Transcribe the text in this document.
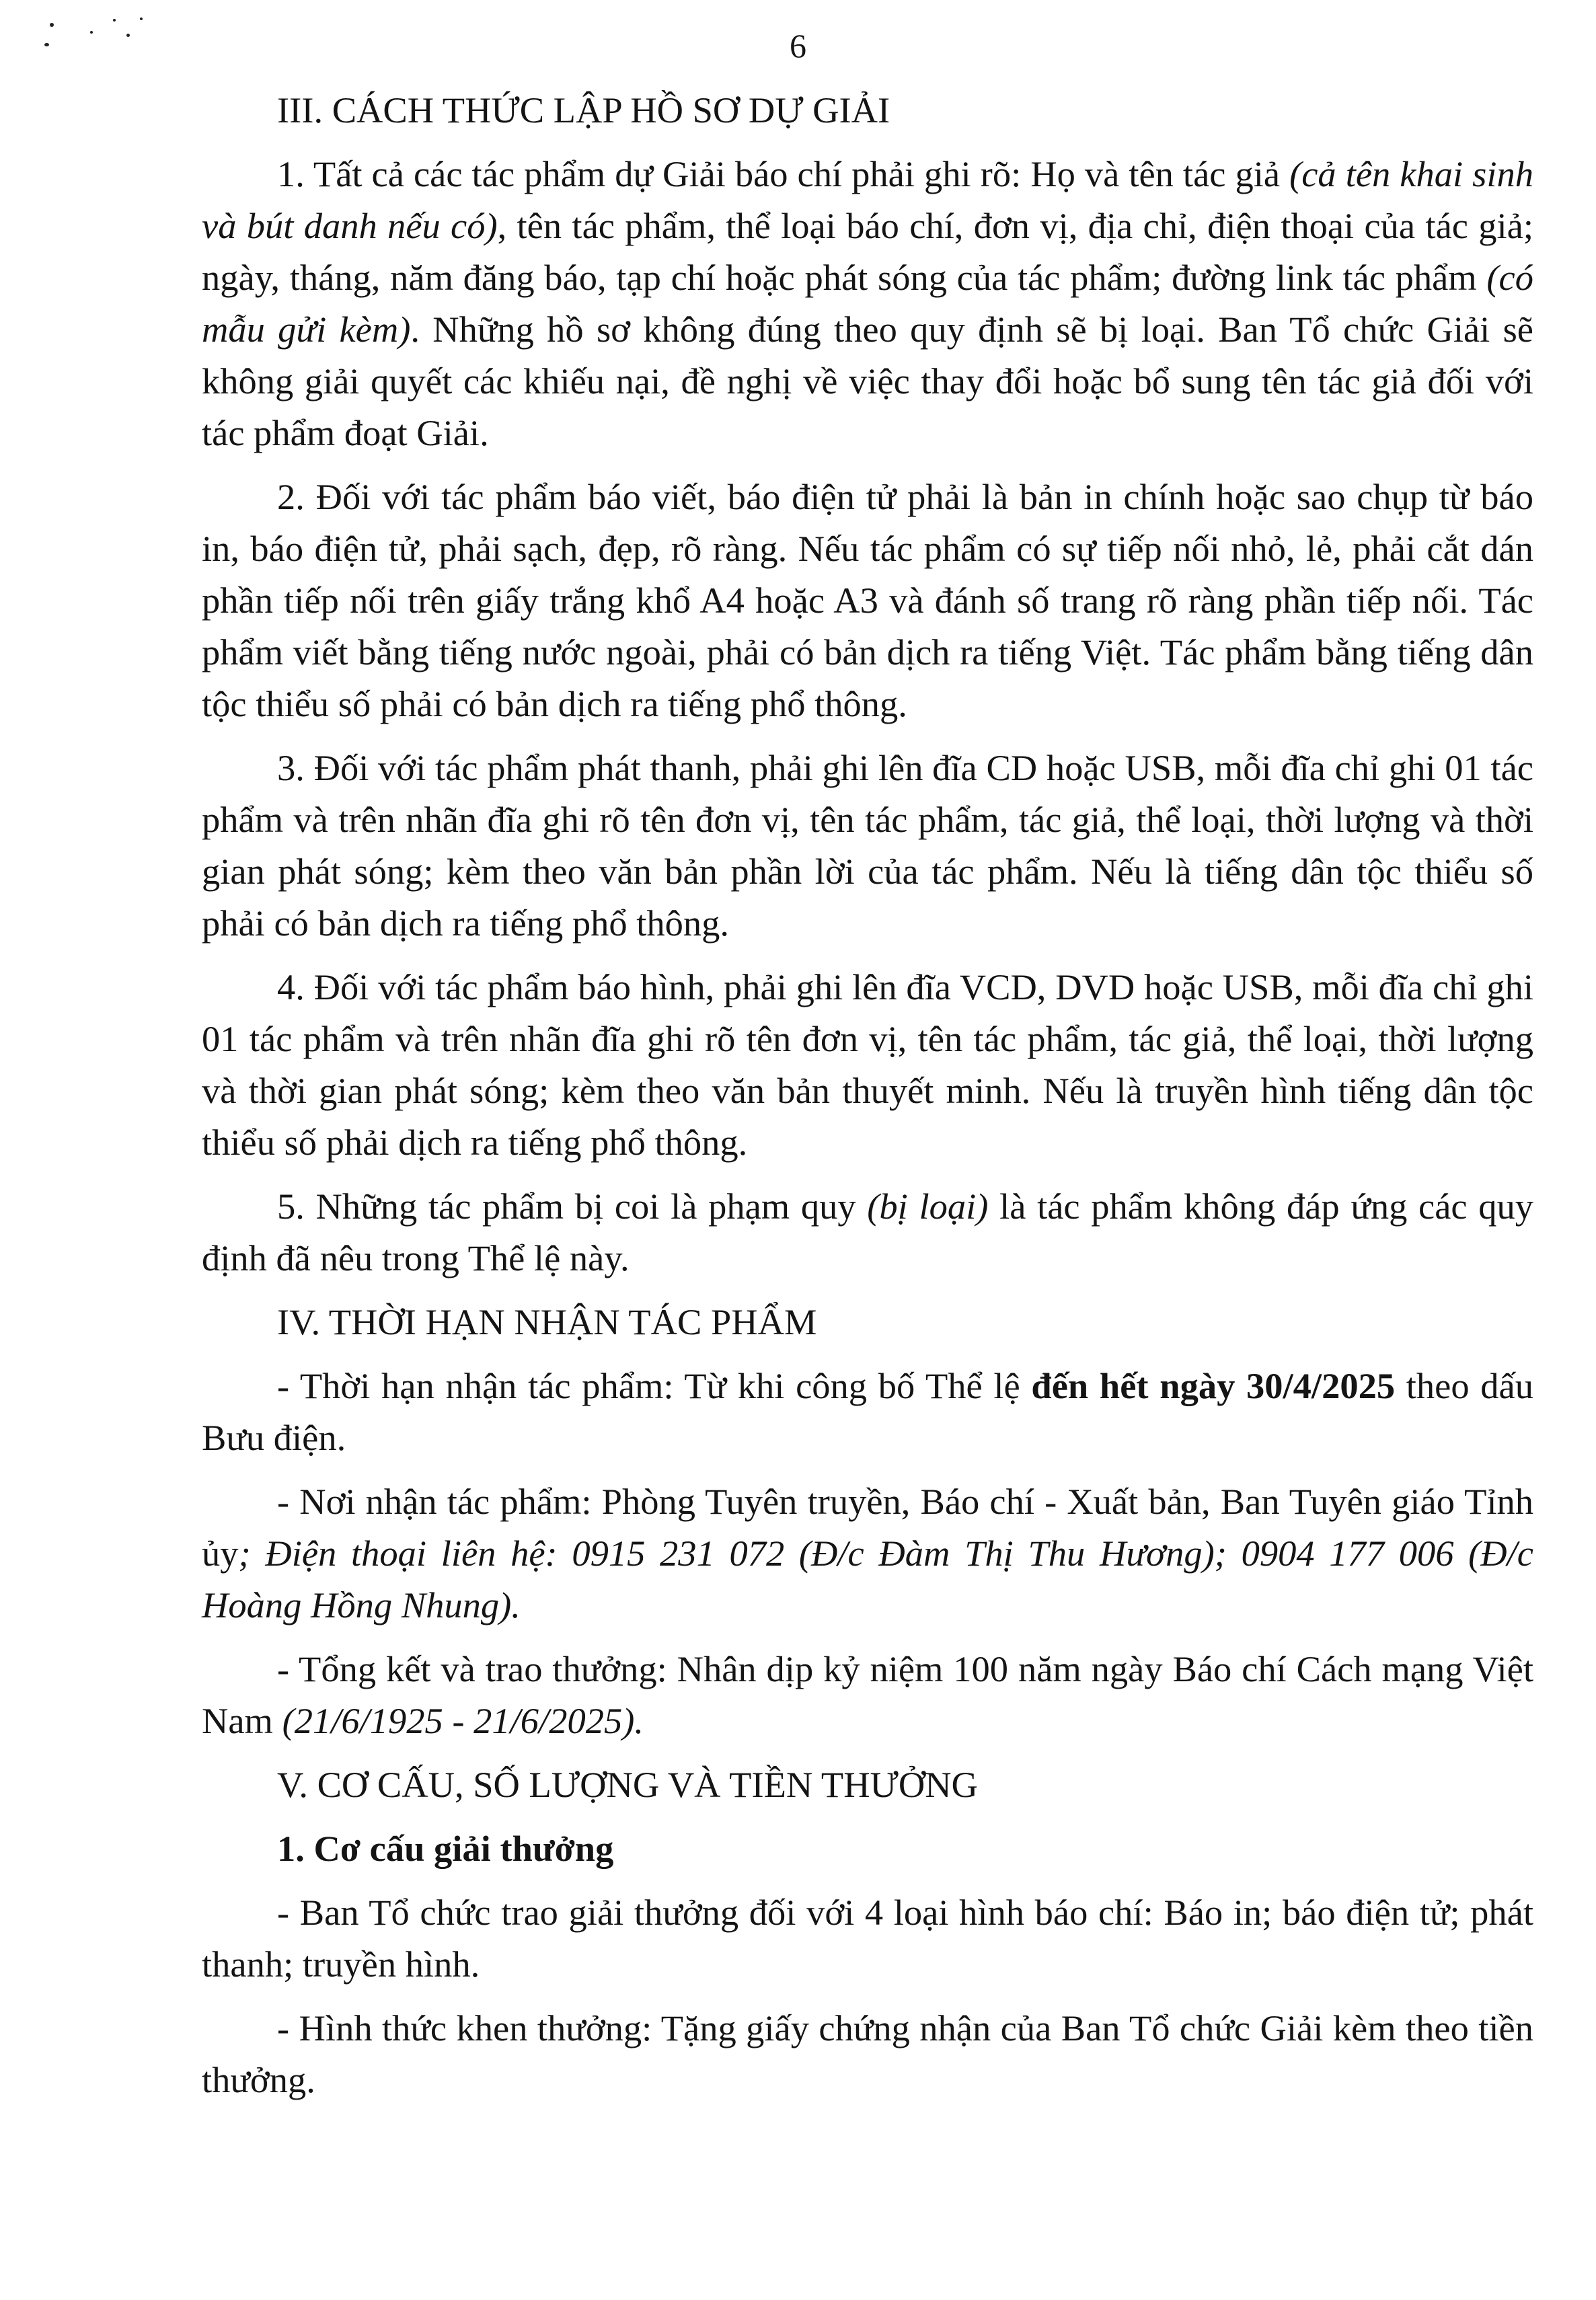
6

III. CÁCH THỨC LẬP HỒ SƠ DỰ GIẢI

1. Tất cả các tác phẩm dự Giải báo chí phải ghi rõ: Họ và tên tác giả (cả tên khai sinh và bút danh nếu có), tên tác phẩm, thể loại báo chí, đơn vị, địa chỉ, điện thoại của tác giả; ngày, tháng, năm đăng báo, tạp chí hoặc phát sóng của tác phẩm; đường link tác phẩm (có mẫu gửi kèm). Những hồ sơ không đúng theo quy định sẽ bị loại. Ban Tổ chức Giải sẽ không giải quyết các khiếu nại, đề nghị về việc thay đổi hoặc bổ sung tên tác giả đối với tác phẩm đoạt Giải.

2. Đối với tác phẩm báo viết, báo điện tử phải là bản in chính hoặc sao chụp từ báo in, báo điện tử, phải sạch, đẹp, rõ ràng. Nếu tác phẩm có sự tiếp nối nhỏ, lẻ, phải cắt dán phần tiếp nối trên giấy trắng khổ A4 hoặc A3 và đánh số trang rõ ràng phần tiếp nối. Tác phẩm viết bằng tiếng nước ngoài, phải có bản dịch ra tiếng Việt. Tác phẩm bằng tiếng dân tộc thiểu số phải có bản dịch ra tiếng phổ thông.

3. Đối với tác phẩm phát thanh, phải ghi lên đĩa CD hoặc USB, mỗi đĩa chỉ ghi 01 tác phẩm và trên nhãn đĩa ghi rõ tên đơn vị, tên tác phẩm, tác giả, thể loại, thời lượng và thời gian phát sóng; kèm theo văn bản phần lời của tác phẩm. Nếu là tiếng dân tộc thiểu số phải có bản dịch ra tiếng phổ thông.

4. Đối với tác phẩm báo hình, phải ghi lên đĩa VCD, DVD hoặc USB, mỗi đĩa chỉ ghi 01 tác phẩm và trên nhãn đĩa ghi rõ tên đơn vị, tên tác phẩm, tác giả, thể loại, thời lượng và thời gian phát sóng; kèm theo văn bản thuyết minh. Nếu là truyền hình tiếng dân tộc thiểu số phải dịch ra tiếng phổ thông.

5. Những tác phẩm bị coi là phạm quy (bị loại) là tác phẩm không đáp ứng các quy định đã nêu trong Thể lệ này.

IV. THỜI HẠN NHẬN TÁC PHẨM

- Thời hạn nhận tác phẩm: Từ khi công bố Thể lệ đến hết ngày 30/4/2025 theo dấu Bưu điện.

- Nơi nhận tác phẩm: Phòng Tuyên truyền, Báo chí - Xuất bản, Ban Tuyên giáo Tỉnh ủy; Điện thoại liên hệ: 0915 231 072 (Đ/c Đàm Thị Thu Hương); 0904 177 006 (Đ/c Hoàng Hồng Nhung).

- Tổng kết và trao thưởng: Nhân dịp kỷ niệm 100 năm ngày Báo chí Cách mạng Việt Nam (21/6/1925 - 21/6/2025).

V. CƠ CẤU, SỐ LƯỢNG VÀ TIỀN THƯỞNG

1. Cơ cấu giải thưởng

- Ban Tổ chức trao giải thưởng đối với 4 loại hình báo chí: Báo in; báo điện tử; phát thanh; truyền hình.

- Hình thức khen thưởng: Tặng giấy chứng nhận của Ban Tổ chức Giải kèm theo tiền thưởng.
